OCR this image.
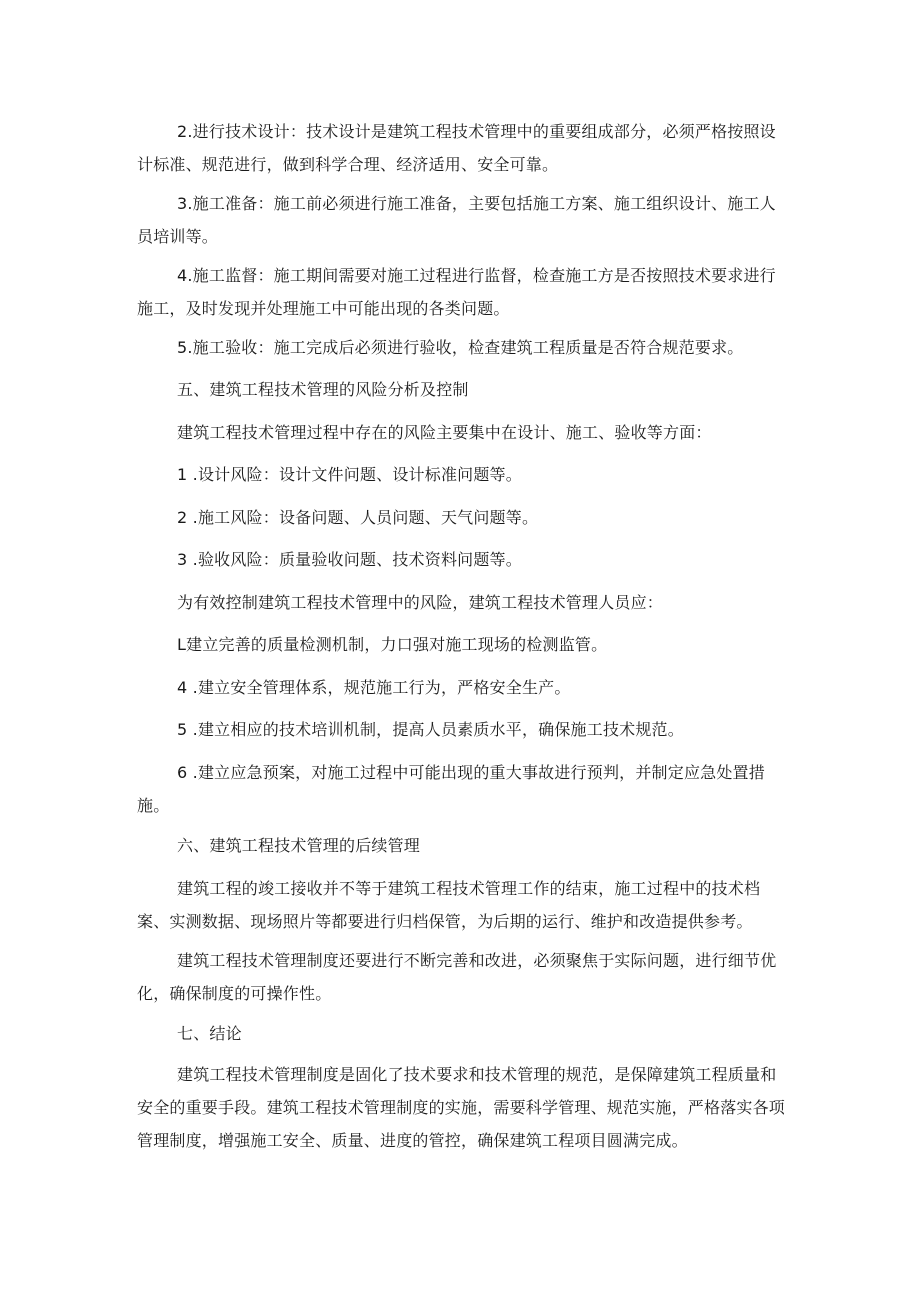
2.进行技术设计：技术设计是建筑工程技术管理中的重要组成部分，必须严格按照设计标准、规范进行，做到科学合理、经济适用、安全可靠。

3.施工准备：施工前必须进行施工准备，主要包括施工方案、施工组织设计、施工人员培训等。

4.施工监督：施工期间需要对施工过程进行监督，检查施工方是否按照技术要求进行施工，及时发现并处理施工中可能出现的各类问题。

5.施工验收：施工完成后必须进行验收，检查建筑工程质量是否符合规范要求。

五、建筑工程技术管理的风险分析及控制

建筑工程技术管理过程中存在的风险主要集中在设计、施工、验收等方面：

1 .设计风险：设计文件问题、设计标准问题等。

2 .施工风险：设备问题、人员问题、天气问题等。

3 .验收风险：质量验收问题、技术资料问题等。

为有效控制建筑工程技术管理中的风险，建筑工程技术管理人员应：

L建立完善的质量检测机制，力口强对施工现场的检测监管。

4 .建立安全管理体系，规范施工行为，严格安全生产。

5 .建立相应的技术培训机制，提高人员素质水平，确保施工技术规范。

6 .建立应急预案，对施工过程中可能出现的重大事故进行预判，并制定应急处置措施。

六、建筑工程技术管理的后续管理

建筑工程的竣工接收并不等于建筑工程技术管理工作的结束，施工过程中的技术档案、实测数据、现场照片等都要进行归档保管，为后期的运行、维护和改造提供参考。

建筑工程技术管理制度还要进行不断完善和改进，必须聚焦于实际问题，进行细节优化，确保制度的可操作性。

七、结论

建筑工程技术管理制度是固化了技术要求和技术管理的规范，是保障建筑工程质量和安全的重要手段。建筑工程技术管理制度的实施，需要科学管理、规范实施，严格落实各项管理制度，增强施工安全、质量、进度的管控，确保建筑工程项目圆满完成。
